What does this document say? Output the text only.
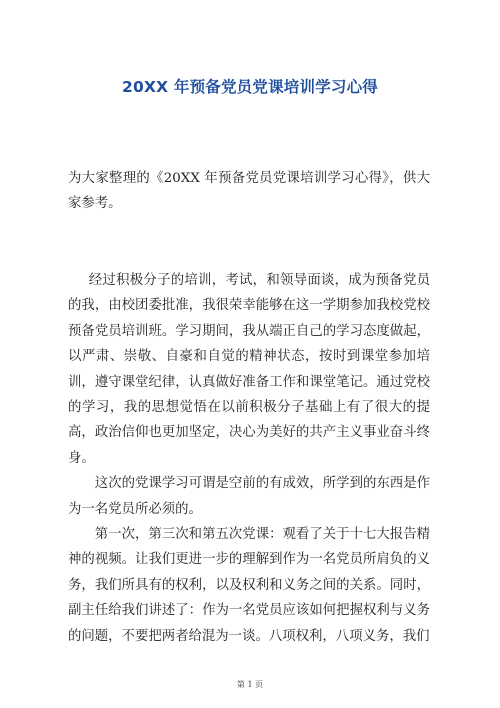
20XX 年预备党员党课培训学习心得

为大家整理的《20XX 年预备党员党课培训学习心得》，供大家参考。

经过积极分子的培训，考试，和领导面谈，成为预备党员的我，由校团委批准，我很荣幸能够在这一学期参加我校党校预备党员培训班。学习期间，我从端正自己的学习态度做起，以严肃、崇敬、自豪和自觉的精神状态，按时到课堂参加培训，遵守课堂纪律，认真做好准备工作和课堂笔记。通过党校的学习，我的思想觉悟在以前积极分子基础上有了很大的提高，政治信仰也更加坚定，决心为美好的共产主义事业奋斗终身。

这次的党课学习可谓是空前的有成效，所学到的东西是作为一名党员所必须的。

第一次，第三次和第五次党课：观看了关于十七大报告精神的视频。让我们更进一步的理解到作为一名党员所肩负的义务，我们所具有的权利，以及权利和义务之间的关系。同时，副主任给我们讲述了：作为一名党员应该如何把握权利与义务的问题，不要把两者给混为一谈。八项权利，八项义务，我们

第 1 页
